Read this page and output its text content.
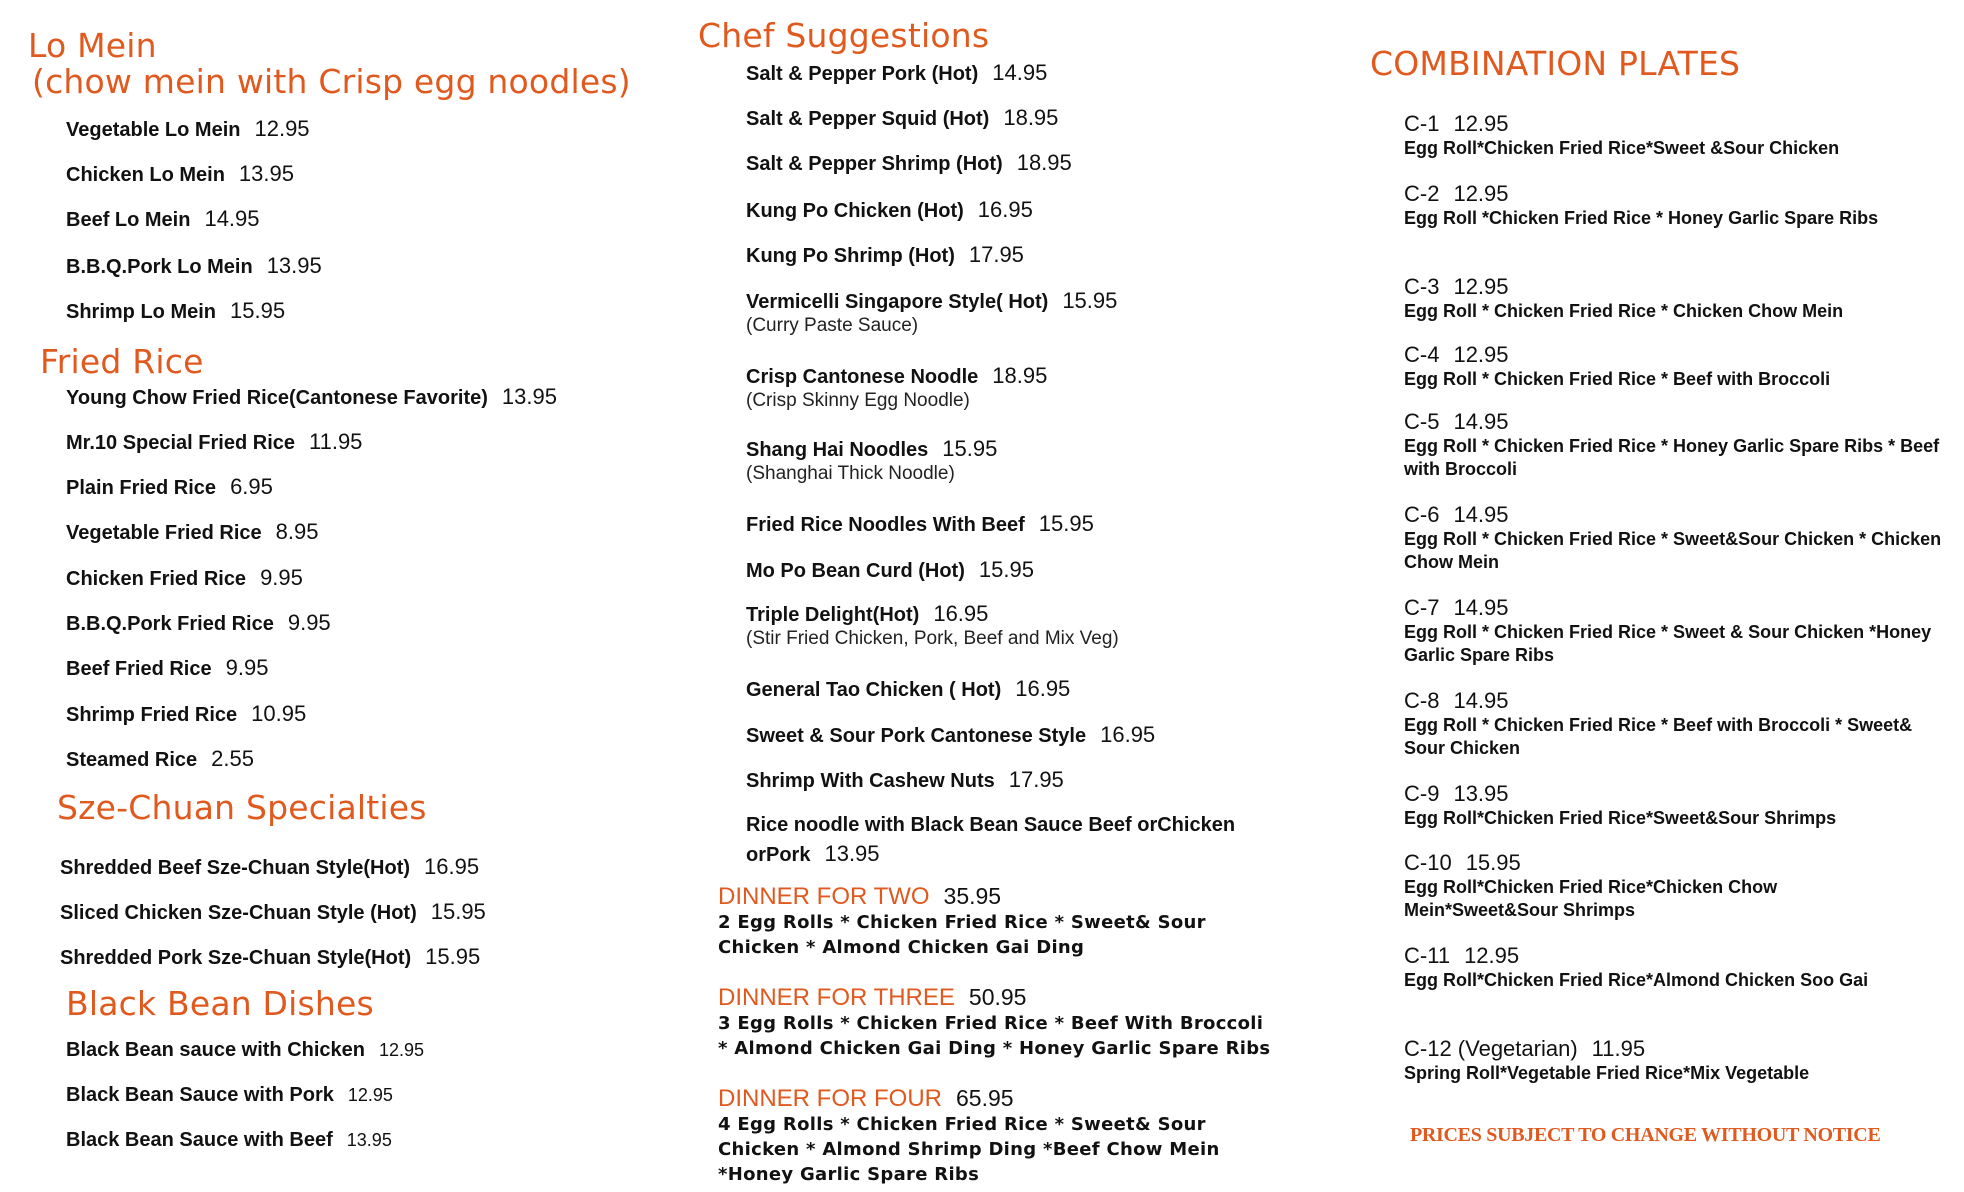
Lo Mein
(chow mein with Crisp egg noodles)
Vegetable Lo Mein 12.95
Chicken Lo Mein 13.95
Beef Lo Mein 14.95
B.B.Q.Pork Lo Mein 13.95
Shrimp Lo Mein 15.95
Fried Rice
Young Chow Fried Rice(Cantonese Favorite) 13.95
Mr.10 Special Fried Rice 11.95
Plain Fried Rice 6.95
Vegetable Fried Rice 8.95
Chicken Fried Rice 9.95
B.B.Q.Pork Fried Rice 9.95
Beef Fried Rice 9.95
Shrimp Fried Rice 10.95
Steamed Rice 2.55
Sze-Chuan Specialties
Shredded Beef Sze-Chuan Style(Hot) 16.95
Sliced Chicken Sze-Chuan Style (Hot) 15.95
Shredded Pork Sze-Chuan Style(Hot) 15.95
Black Bean Dishes
Black Bean sauce with Chicken 12.95
Black Bean Sauce with Pork 12.95
Black Bean Sauce with Beef 13.95
Chef Suggestions
Salt & Pepper Pork (Hot) 14.95
Salt & Pepper Squid (Hot) 18.95
Salt & Pepper Shrimp (Hot) 18.95
Kung Po Chicken (Hot) 16.95
Kung Po Shrimp (Hot) 17.95
Vermicelli Singapore Style( Hot) 15.95
(Curry Paste Sauce)
Crisp Cantonese Noodle 18.95
(Crisp Skinny Egg Noodle)
Shang Hai Noodles 15.95
(Shanghai Thick Noodle)
Fried Rice Noodles With Beef 15.95
Mo Po Bean Curd (Hot) 15.95
Triple Delight(Hot) 16.95
(Stir Fried Chicken, Pork, Beef and Mix Veg)
General Tao Chicken ( Hot) 16.95
Sweet & Sour Pork Cantonese Style 16.95
Shrimp With Cashew Nuts 17.95
Rice noodle with Black Bean Sauce Beef orChicken
orPork 13.95
DINNER FOR TWO 35.95
2 Egg Rolls * Chicken Fried Rice * Sweet& Sour Chicken * Almond Chicken Gai Ding
DINNER FOR THREE 50.95
3 Egg Rolls * Chicken Fried Rice * Beef With Broccoli * Almond Chicken Gai Ding * Honey Garlic Spare Ribs
DINNER FOR FOUR 65.95
4 Egg Rolls * Chicken Fried Rice * Sweet& Sour Chicken * Almond Shrimp Ding *Beef Chow Mein *Honey Garlic Spare Ribs
COMBINATION PLATES
C-1 12.95
Egg Roll*Chicken Fried Rice*Sweet &Sour Chicken
C-2 12.95
Egg Roll *Chicken Fried Rice * Honey Garlic Spare Ribs
C-3 12.95
Egg Roll * Chicken Fried Rice * Chicken Chow Mein
C-4 12.95
Egg Roll * Chicken Fried Rice * Beef with Broccoli
C-5 14.95
Egg Roll * Chicken Fried Rice * Honey Garlic Spare Ribs * Beef with Broccoli
C-6 14.95
Egg Roll * Chicken Fried Rice * Sweet&Sour Chicken * Chicken Chow Mein
C-7 14.95
Egg Roll * Chicken Fried Rice * Sweet & Sour Chicken *Honey Garlic Spare Ribs
C-8 14.95
Egg Roll * Chicken Fried Rice * Beef with Broccoli * Sweet& Sour Chicken
C-9 13.95
Egg Roll*Chicken Fried Rice*Sweet&Sour Shrimps
C-10 15.95
Egg Roll*Chicken Fried Rice*Chicken Chow Mein*Sweet&Sour Shrimps
C-11 12.95
Egg Roll*Chicken Fried Rice*Almond Chicken Soo Gai
C-12 (Vegetarian) 11.95
Spring Roll*Vegetable Fried Rice*Mix Vegetable
PRICES SUBJECT TO CHANGE WITHOUT NOTICE
